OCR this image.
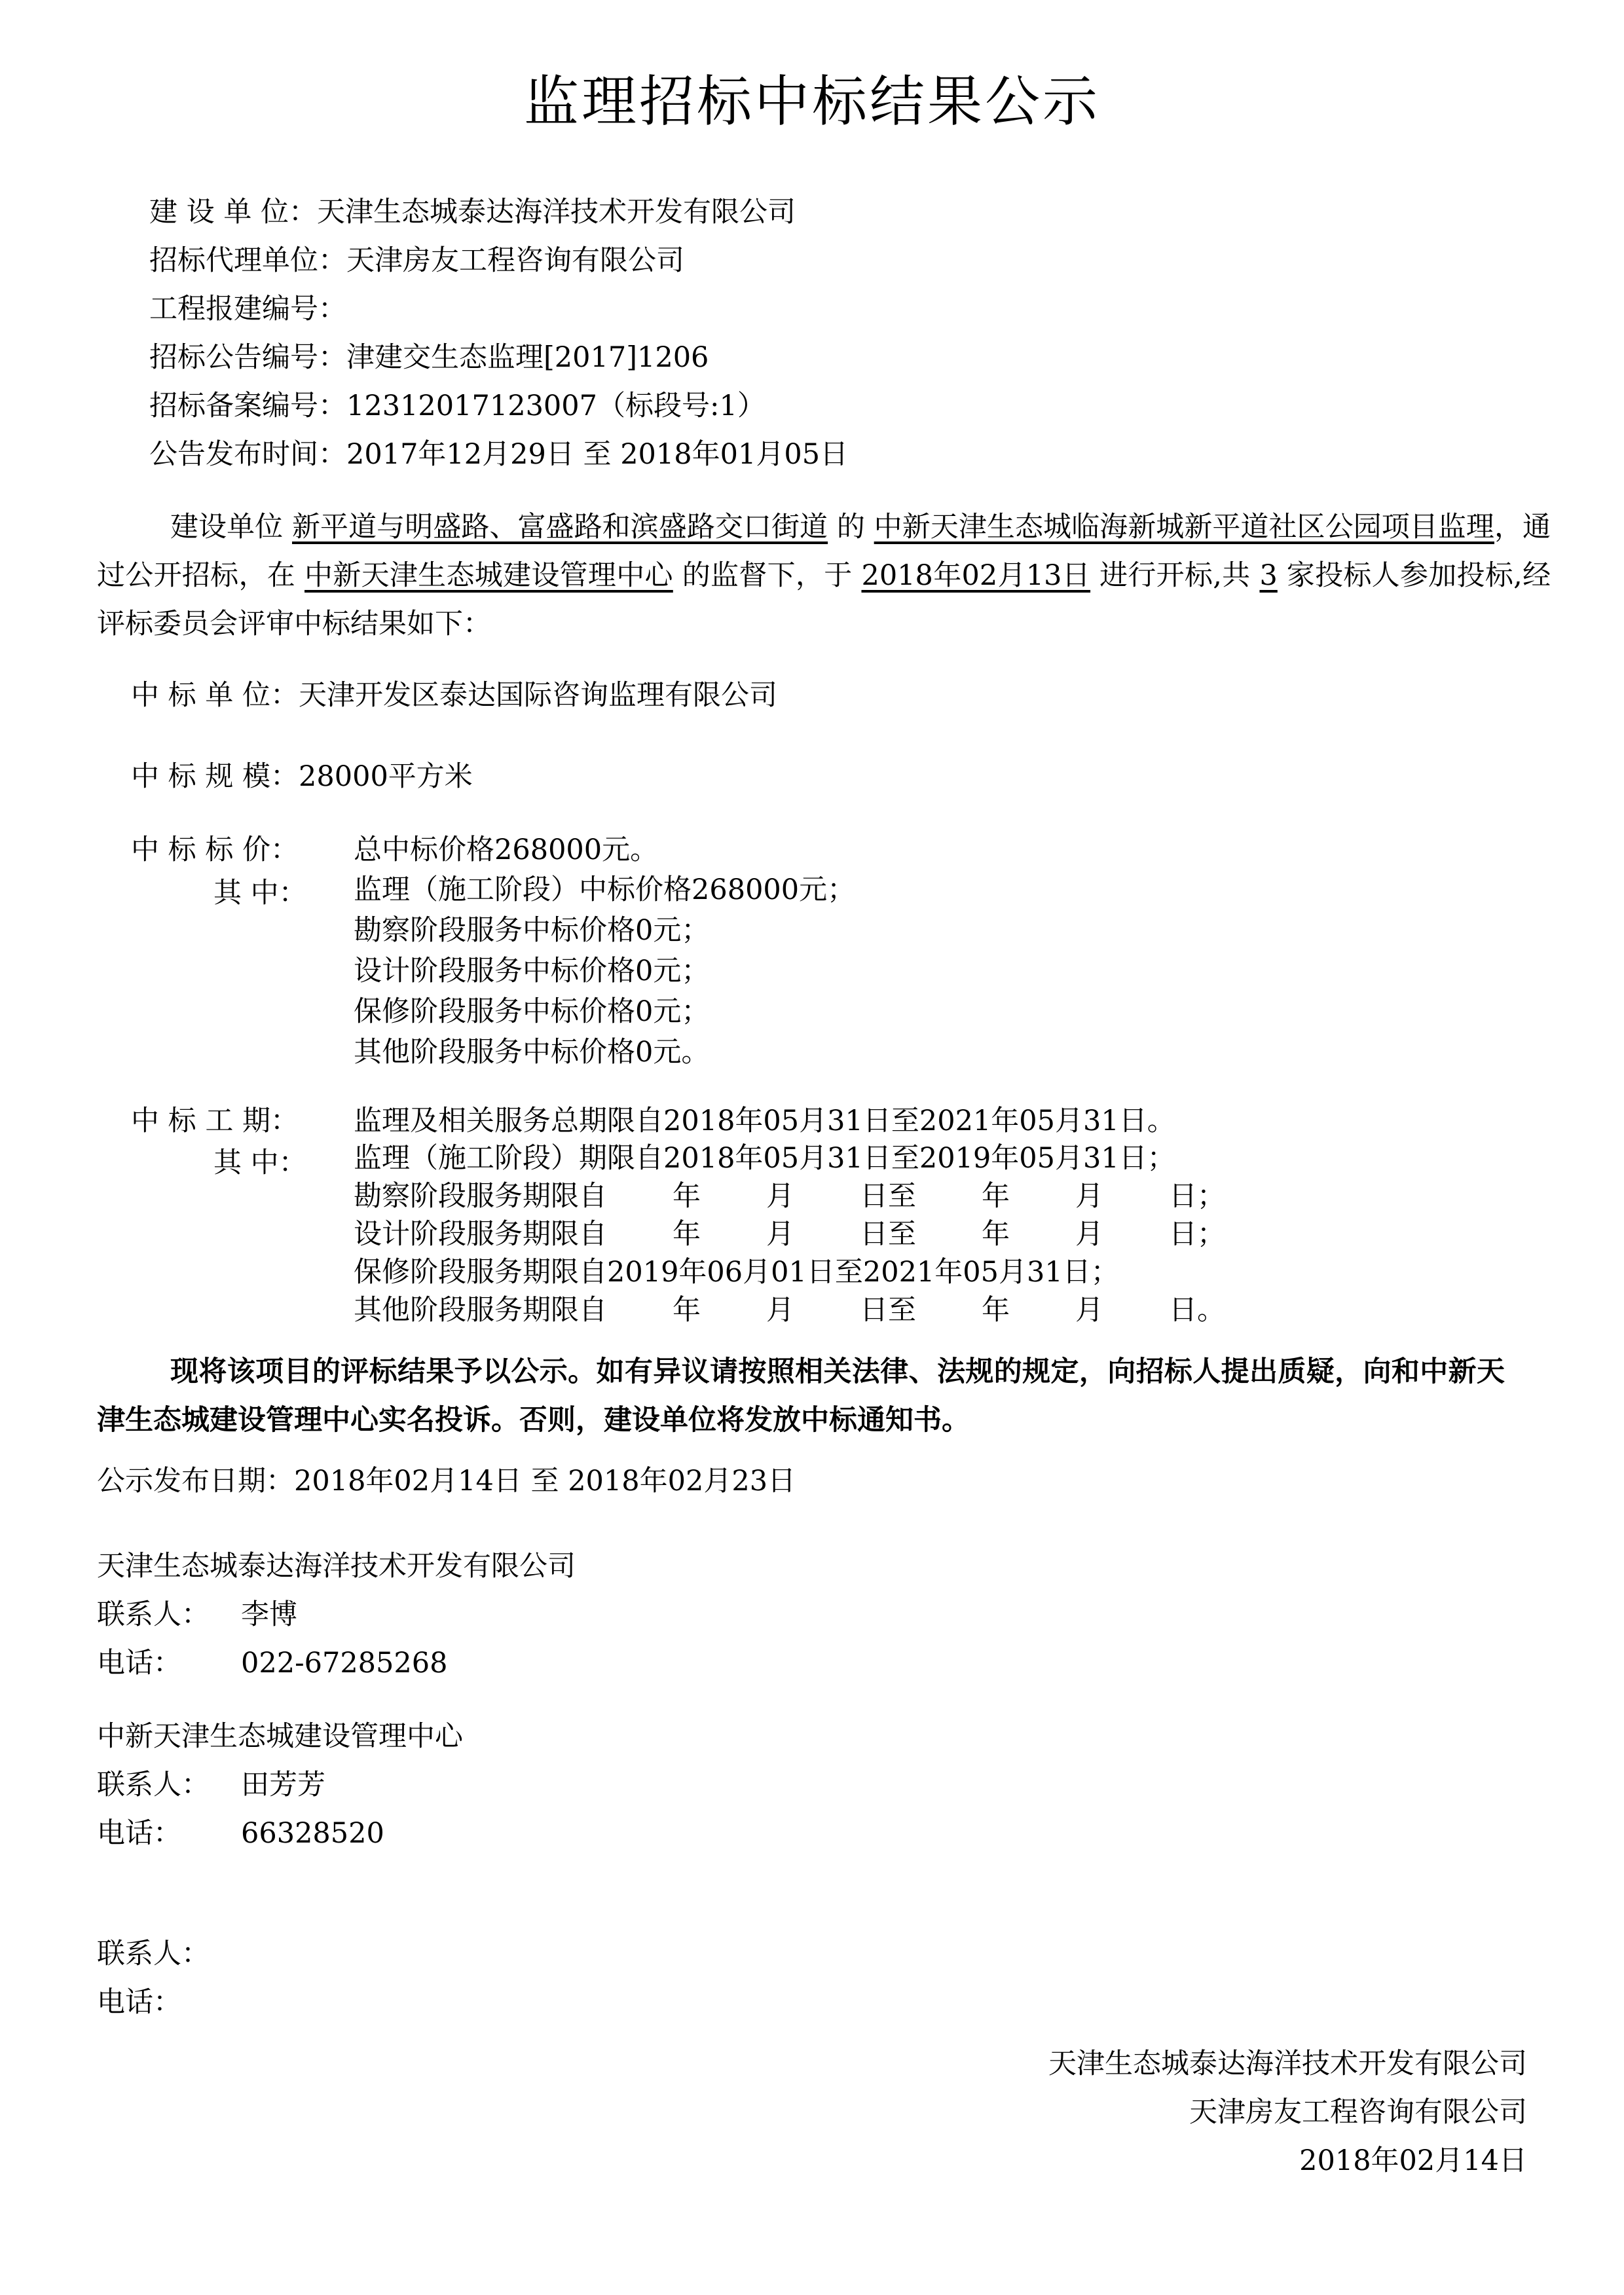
监理招标中标结果公示
建 设 单 位：天津生态城泰达海洋技术开发有限公司
招标代理单位：天津房友工程咨询有限公司
工程报建编号：
招标公告编号：津建交生态监理[2017]1206
招标备案编号：12312017123007（标段号:1）
公告发布时间：2017年12月29日 至 2018年01月05日
建设单位 新平道与明盛路、富盛路和滨盛路交口街道 的 中新天津生态城临海新城新平道社区公园项目监理，通过公开招标，在 中新天津生态城建设管理中心 的监督下，于 2018年02月13日 进行开标,共 3 家投标人参加投标,经评标委员会评审中标结果如下：
中 标 单 位：天津开发区泰达国际咨询监理有限公司
中 标 规 模：28000平方米
中 标 标 价： 总中标价格268000元。
其 中： 监理（施工阶段）中标价格268000元；
勘察阶段服务中标价格0元；
设计阶段服务中标价格0元；
保修阶段服务中标价格0元；
其他阶段服务中标价格0元。
中 标 工 期： 监理及相关服务总期限自2018年05月31日至2021年05月31日。
其 中： 监理（施工阶段）期限自2018年05月31日至2019年05月31日；
勘察阶段服务期限自 年 月 日至 年 月 日；
设计阶段服务期限自 年 月 日至 年 月 日；
保修阶段服务期限自2019年06月01日至2021年05月31日；
其他阶段服务期限自 年 月 日至 年 月 日。
现将该项目的评标结果予以公示。如有异议请按照相关法律、法规的规定，向招标人提出质疑，向和中新天津生态城建设管理中心实名投诉。否则，建设单位将发放中标通知书。
公示发布日期：2018年02月14日 至 2018年02月23日
天津生态城泰达海洋技术开发有限公司
联系人： 李博
电话： 022-67285268
中新天津生态城建设管理中心
联系人： 田芳芳
电话： 66328520
联系人：
电话：
天津生态城泰达海洋技术开发有限公司
天津房友工程咨询有限公司
2018年02月14日
